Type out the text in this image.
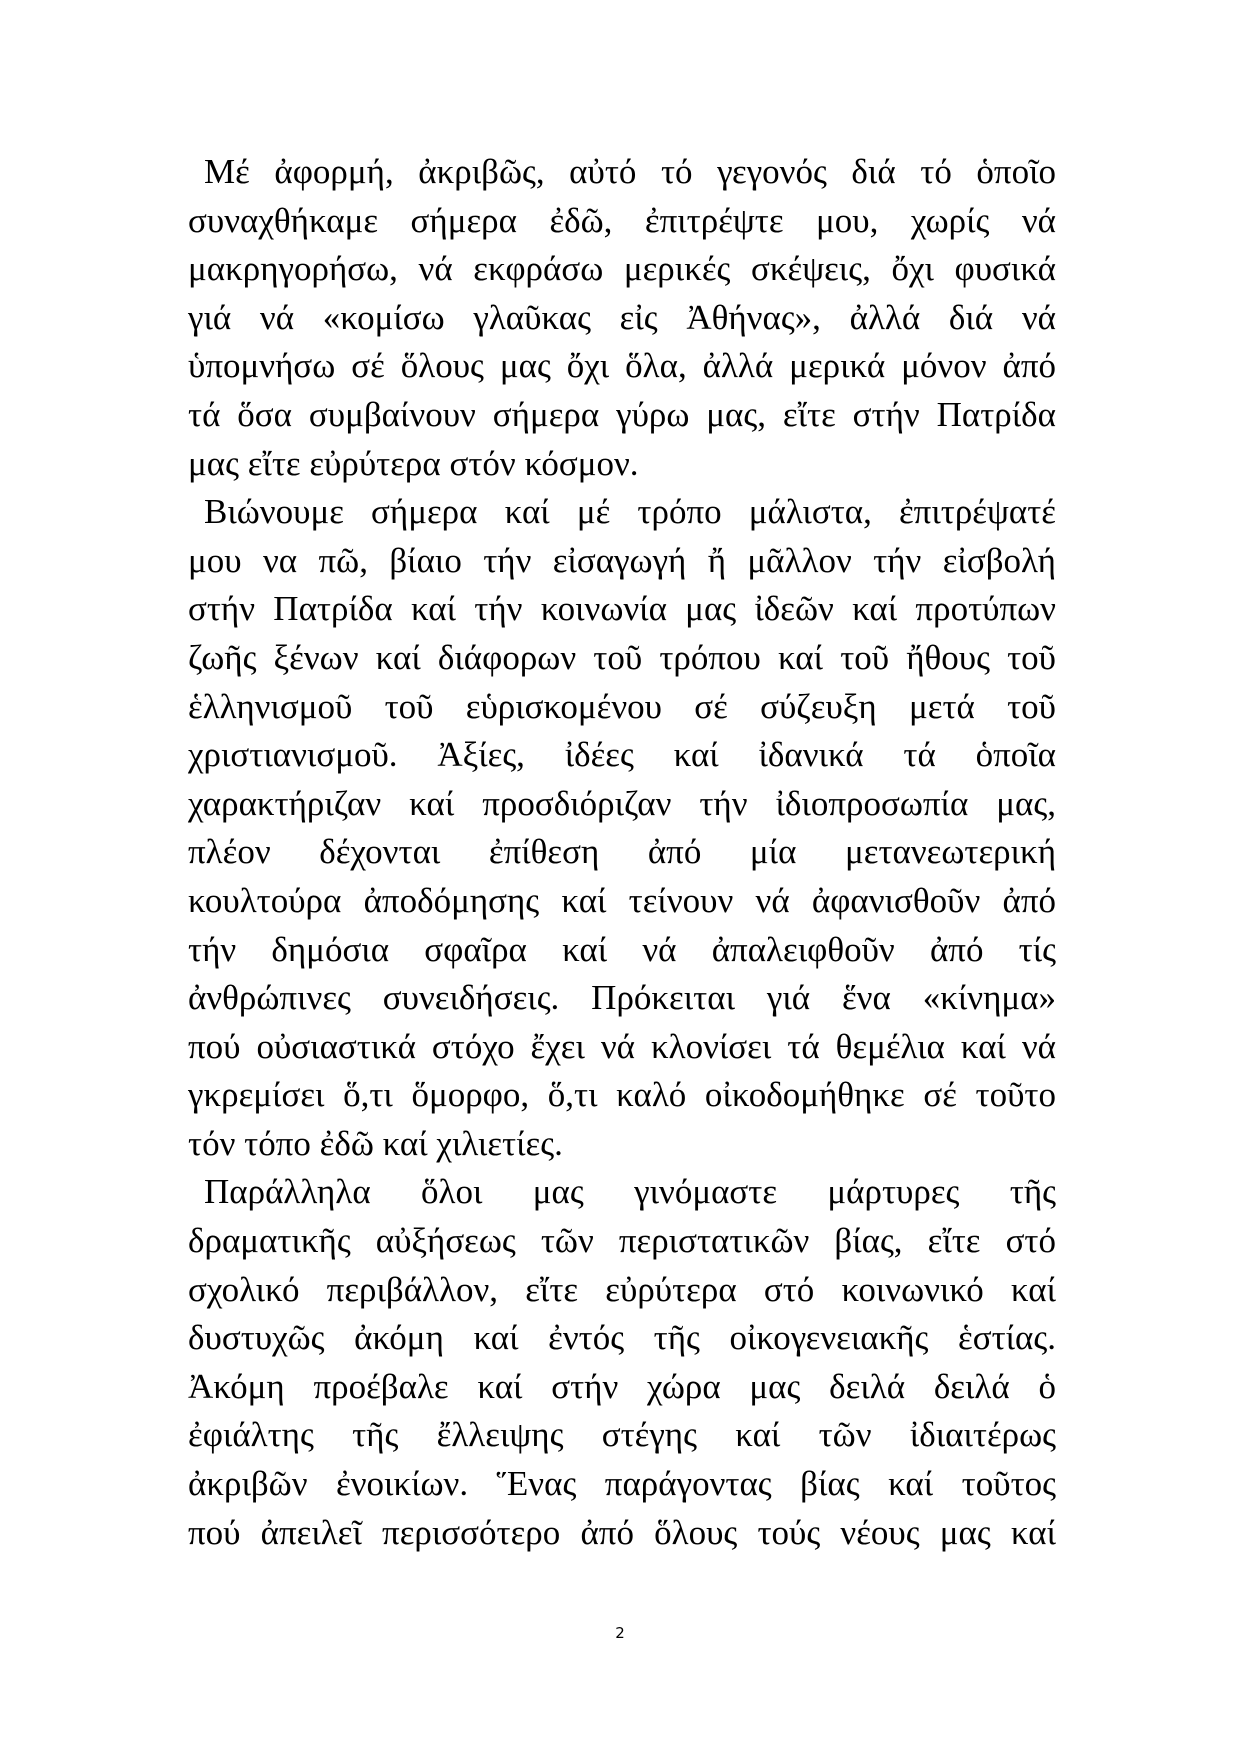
Μέ ἀφορμή, ἀκριβῶς, αὐτό τό γεγονός διά τό ὁποῖο
συναχθήκαμε σήμερα ἐδῶ, ἐπιτρέψτε μου, χωρίς νά
μακρηγορήσω, νά εκφράσω μερικές σκέψεις, ὄχι φυσικά
γιά νά «κομίσω γλαῦκας εἰς Ἀθήνας», ἀλλά διά νά
ὑπομνήσω σέ ὅλους μας ὄχι ὅλα, ἀλλά μερικά μόνον ἀπό
τά ὅσα συμβαίνουν σήμερα γύρω μας, εἴτε στήν Πατρίδα
μας εἴτε εὐρύτερα στόν κόσμον.
Βιώνουμε σήμερα καί μέ τρόπο μάλιστα, ἐπιτρέψατέ
μου να πῶ, βίαιο τήν εἰσαγωγή ἤ μᾶλλον τήν εἰσβολή
στήν Πατρίδα καί τήν κοινωνία μας ἰδεῶν καί προτύπων
ζωῆς ξένων καί διάφορων τοῦ τρόπου καί τοῦ ἤθους τοῦ
ἑλληνισμοῦ τοῦ εὑρισκομένου σέ σύζευξη μετά τοῦ
χριστιανισμοῦ. Ἀξίες, ἰδέες καί ἰδανικά τά ὁποῖα
χαρακτήριζαν καί προσδιόριζαν τήν ἰδιοπροσωπία μας,
πλέον δέχονται ἐπίθεση ἀπό μία μετανεωτερική
κουλτούρα ἀποδόμησης καί τείνουν νά ἀφανισθοῦν ἀπό
τήν δημόσια σφαῖρα καί νά ἀπαλειφθοῦν ἀπό τίς
ἀνθρώπινες συνειδήσεις. Πρόκειται γιά ἕνα «κίνημα»
πού οὐσιαστικά στόχο ἔχει νά κλονίσει τά θεμέλια καί νά
γκρεμίσει ὅ,τι ὅμορφο, ὅ,τι καλό οἰκοδομήθηκε σέ τοῦτο
τόν τόπο ἐδῶ καί χιλιετίες.
Παράλληλα ὅλοι μας γινόμαστε μάρτυρες τῆς
δραματικῆς αὐξήσεως τῶν περιστατικῶν βίας, εἴτε στό
σχολικό περιβάλλον, εἴτε εὐρύτερα στό κοινωνικό καί
δυστυχῶς ἀκόμη καί ἐντός τῆς οἰκογενειακῆς ἑστίας.
Ἀκόμη προέβαλε καί στήν χώρα μας δειλά δειλά ὁ
ἐφιάλτης τῆς ἔλλειψης στέγης καί τῶν ἰδιαιτέρως
ἀκριβῶν ἐνοικίων. Ἕνας παράγοντας βίας καί τοῦτος
πού ἀπειλεῖ περισσότερο ἀπό ὅλους τούς νέους μας καί
2
